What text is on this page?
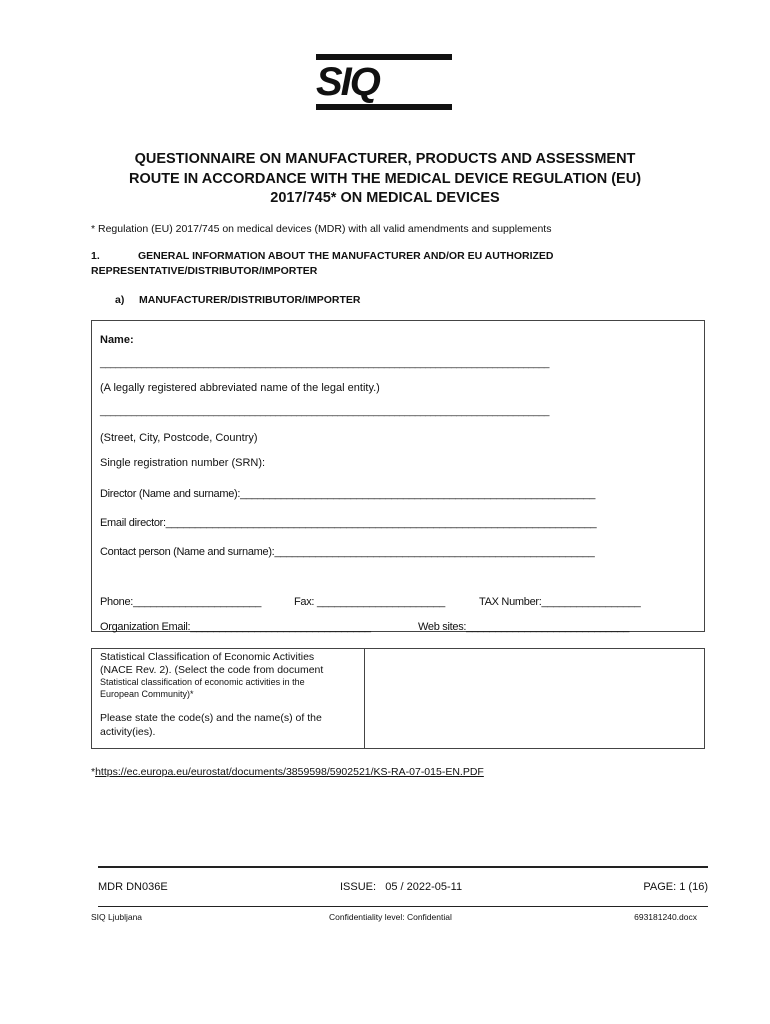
SIQ
QUESTIONNAIRE ON MANUFACTURER, PRODUCTS AND ASSESSMENT
ROUTE IN ACCORDANCE WITH THE MEDICAL DEVICE REGULATION (EU)
2017/745* ON MEDICAL DEVICES
* Regulation (EU) 2017/745 on medical devices (MDR) with all valid amendments and supplements
1.	GENERAL INFORMATION ABOUT THE MANUFACTURER AND/OR EU AUTHORIZED
REPRESENTATIVE/DISTRIBUTOR/IMPORTER
a) MANUFACTURER/DISTRIBUTOR/IMPORTER
Name:
_______________________________________________________________________________________
(A legally registered abbreviated name of the legal entity.)
_______________________________________________________________________________________
(Street, City, Postcode, Country)
Single registration number (SRN):
Director (Name and surname):_____________________________________________________________
Email director:__________________________________________________________________________
Contact person (Name and surname):_______________________________________________________
Phone:______________________	Fax: ______________________	TAX Number:_________________
Organization Email:_______________________________	Web sites:____________________________
Statistical Classification of Economic Activities
(NACE Rev. 2). (Select the code from document
Statistical classification of economic activities in the
European Community)*
Please state the code(s) and the name(s) of the
activity(ies).
*https://ec.europa.eu/eurostat/documents/3859598/5902521/KS-RA-07-015-EN.PDF
MDR DN036E	ISSUE:   05 / 2022-05-11	PAGE: 1 (16)
SIQ Ljubljana	Confidentiality level: Confidential	693181240.docx
